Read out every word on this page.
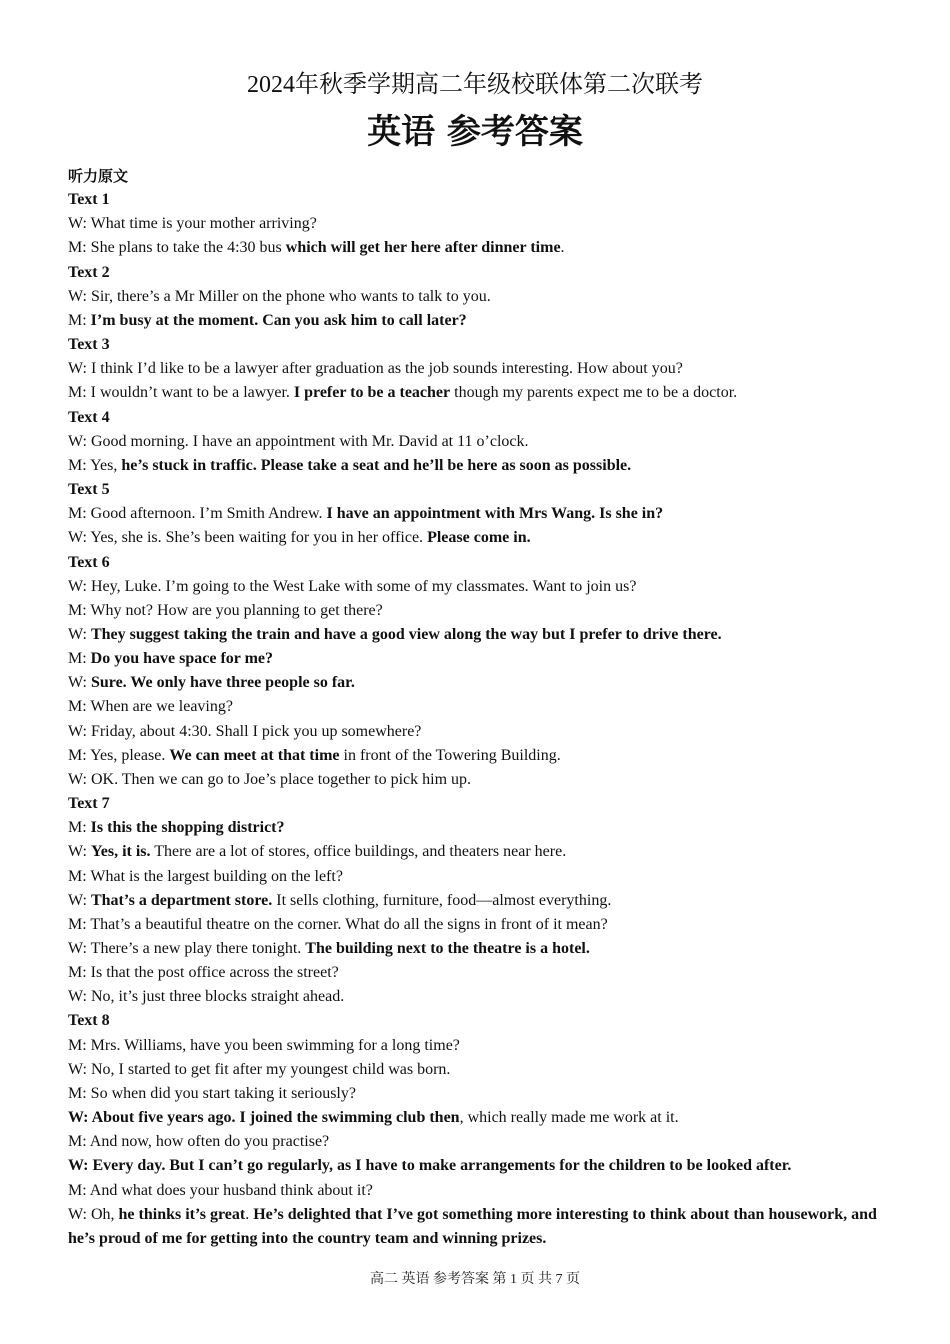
2024年秋季学期高二年级校联体第二次联考
英语 参考答案
听力原文
Text 1
W: What time is your mother arriving?
M: She plans to take the 4:30 bus which will get her here after dinner time.
Text 2
W: Sir, there’s a Mr Miller on the phone who wants to talk to you.
M: I’m busy at the moment. Can you ask him to call later?
Text 3
W: I think I’d like to be a lawyer after graduation as the job sounds interesting. How about you?
M: I wouldn’t want to be a lawyer. I prefer to be a teacher though my parents expect me to be a doctor.
Text 4
W: Good morning. I have an appointment with Mr. David at 11 o’clock.
M: Yes, he’s stuck in traffic. Please take a seat and he’ll be here as soon as possible.
Text 5
M: Good afternoon. I’m Smith Andrew. I have an appointment with Mrs Wang. Is she in?
W: Yes, she is. She’s been waiting for you in her office. Please come in.
Text 6
W: Hey, Luke. I’m going to the West Lake with some of my classmates. Want to join us?
M: Why not? How are you planning to get there?
W: They suggest taking the train and have a good view along the way but I prefer to drive there.
M: Do you have space for me?
W: Sure. We only have three people so far.
M: When are we leaving?
W: Friday, about 4:30. Shall I pick you up somewhere?
M: Yes, please. We can meet at that time in front of the Towering Building.
W: OK. Then we can go to Joe’s place together to pick him up.
Text 7
M: Is this the shopping district?
W: Yes, it is. There are a lot of stores, office buildings, and theaters near here.
M: What is the largest building on the left?
W: That’s a department store. It sells clothing, furniture, food—almost everything.
M: That’s a beautiful theatre on the corner. What do all the signs in front of it mean?
W: There’s a new play there tonight. The building next to the theatre is a hotel.
M: Is that the post office across the street?
W: No, it’s just three blocks straight ahead.
Text 8
M: Mrs. Williams, have you been swimming for a long time?
W: No, I started to get fit after my youngest child was born.
M: So when did you start taking it seriously?
W: About five years ago. I joined the swimming club then, which really made me work at it.
M: And now, how often do you practise?
W: Every day. But I can’t go regularly, as I have to make arrangements for the children to be looked after.
M: And what does your husband think about it?
W: Oh, he thinks it’s great. He’s delighted that I’ve got something more interesting to think about than housework, and he’s proud of me for getting into the country team and winning prizes.
高二 英语 参考答案 第 1 页 共 7 页
